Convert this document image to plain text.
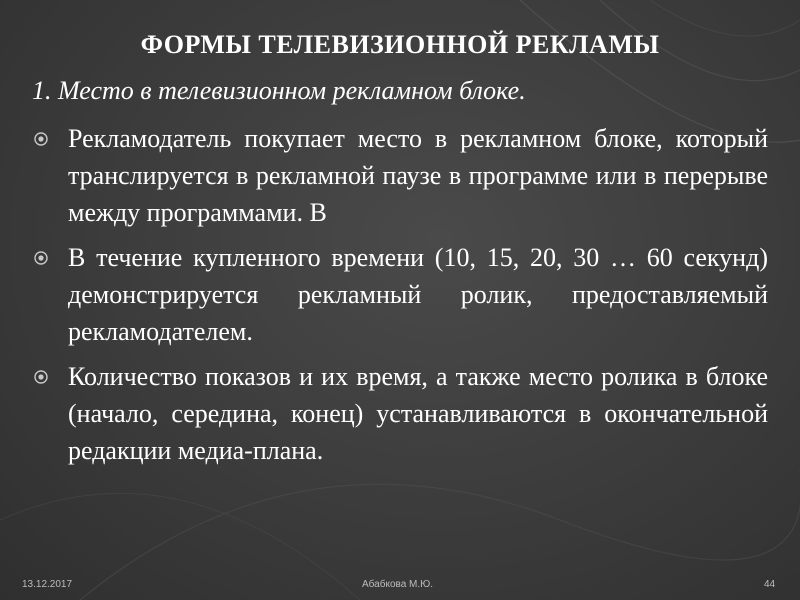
ФОРМЫ ТЕЛЕВИЗИОННОЙ РЕКЛАМЫ
1. Место в телевизионном рекламном блоке.
Рекламодатель покупает место в рекламном блоке, который транслируется в рекламной паузе в программе или в перерыве между программами. В
В течение купленного времени (10, 15, 20, 30 … 60 секунд) демонстрируется рекламный ролик, предоставляемый рекламодателем.
Количество показов и их время, а также место ролика в блоке (начало, середина, конец) устанавливаются в окончательной редакции медиа-плана.
13.12.2017	Абабкова М.Ю.	44
